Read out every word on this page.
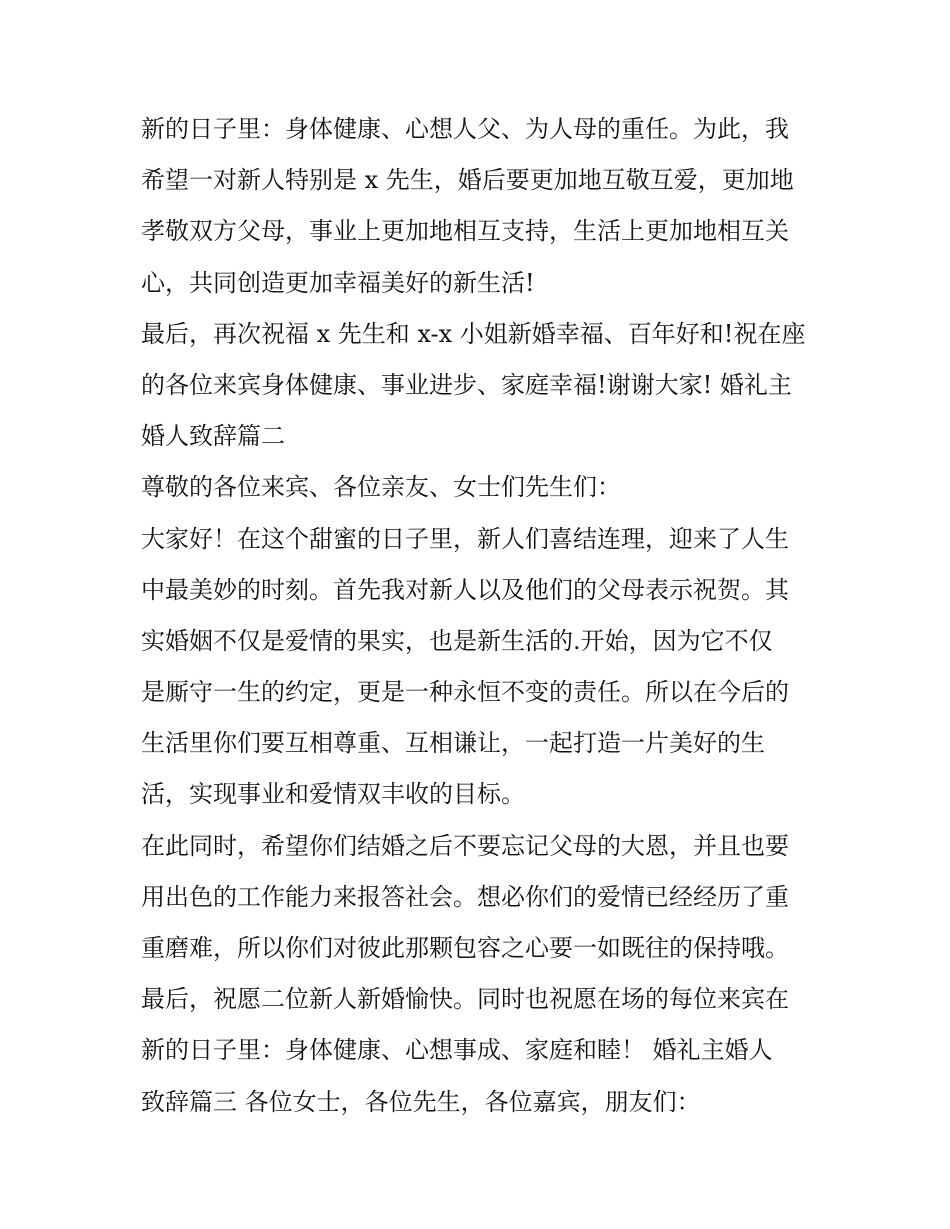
新的日子里：身体健康、心想人父、为人母的重任。为此，我
希望一对新人特别是 x 先生，婚后要更加地互敬互爱，更加地
孝敬双方父母，事业上更加地相互支持，生活上更加地相互关
心，共同创造更加幸福美好的新生活!
最后，再次祝福 x 先生和 x-x 小姐新婚幸福、百年好和!祝在座
的各位来宾身体健康、事业进步、家庭幸福!谢谢大家! 婚礼主
婚人致辞篇二
尊敬的各位来宾、各位亲友、女士们先生们：
大家好！在这个甜蜜的日子里，新人们喜结连理，迎来了人生
中最美妙的时刻。首先我对新人以及他们的父母表示祝贺。其
实婚姻不仅是爱情的果实，也是新生活的.开始，因为它不仅
是厮守一生的约定，更是一种永恒不变的责任。所以在今后的
生活里你们要互相尊重、互相谦让，一起打造一片美好的生
活，实现事业和爱情双丰收的目标。
在此同时，希望你们结婚之后不要忘记父母的大恩，并且也要
用出色的工作能力来报答社会。想必你们的爱情已经经历了重
重磨难，所以你们对彼此那颗包容之心要一如既往的保持哦。
最后，祝愿二位新人新婚愉快。同时也祝愿在场的每位来宾在
新的日子里：身体健康、心想事成、家庭和睦！ 婚礼主婚人
致辞篇三 各位女士，各位先生，各位嘉宾，朋友们：
